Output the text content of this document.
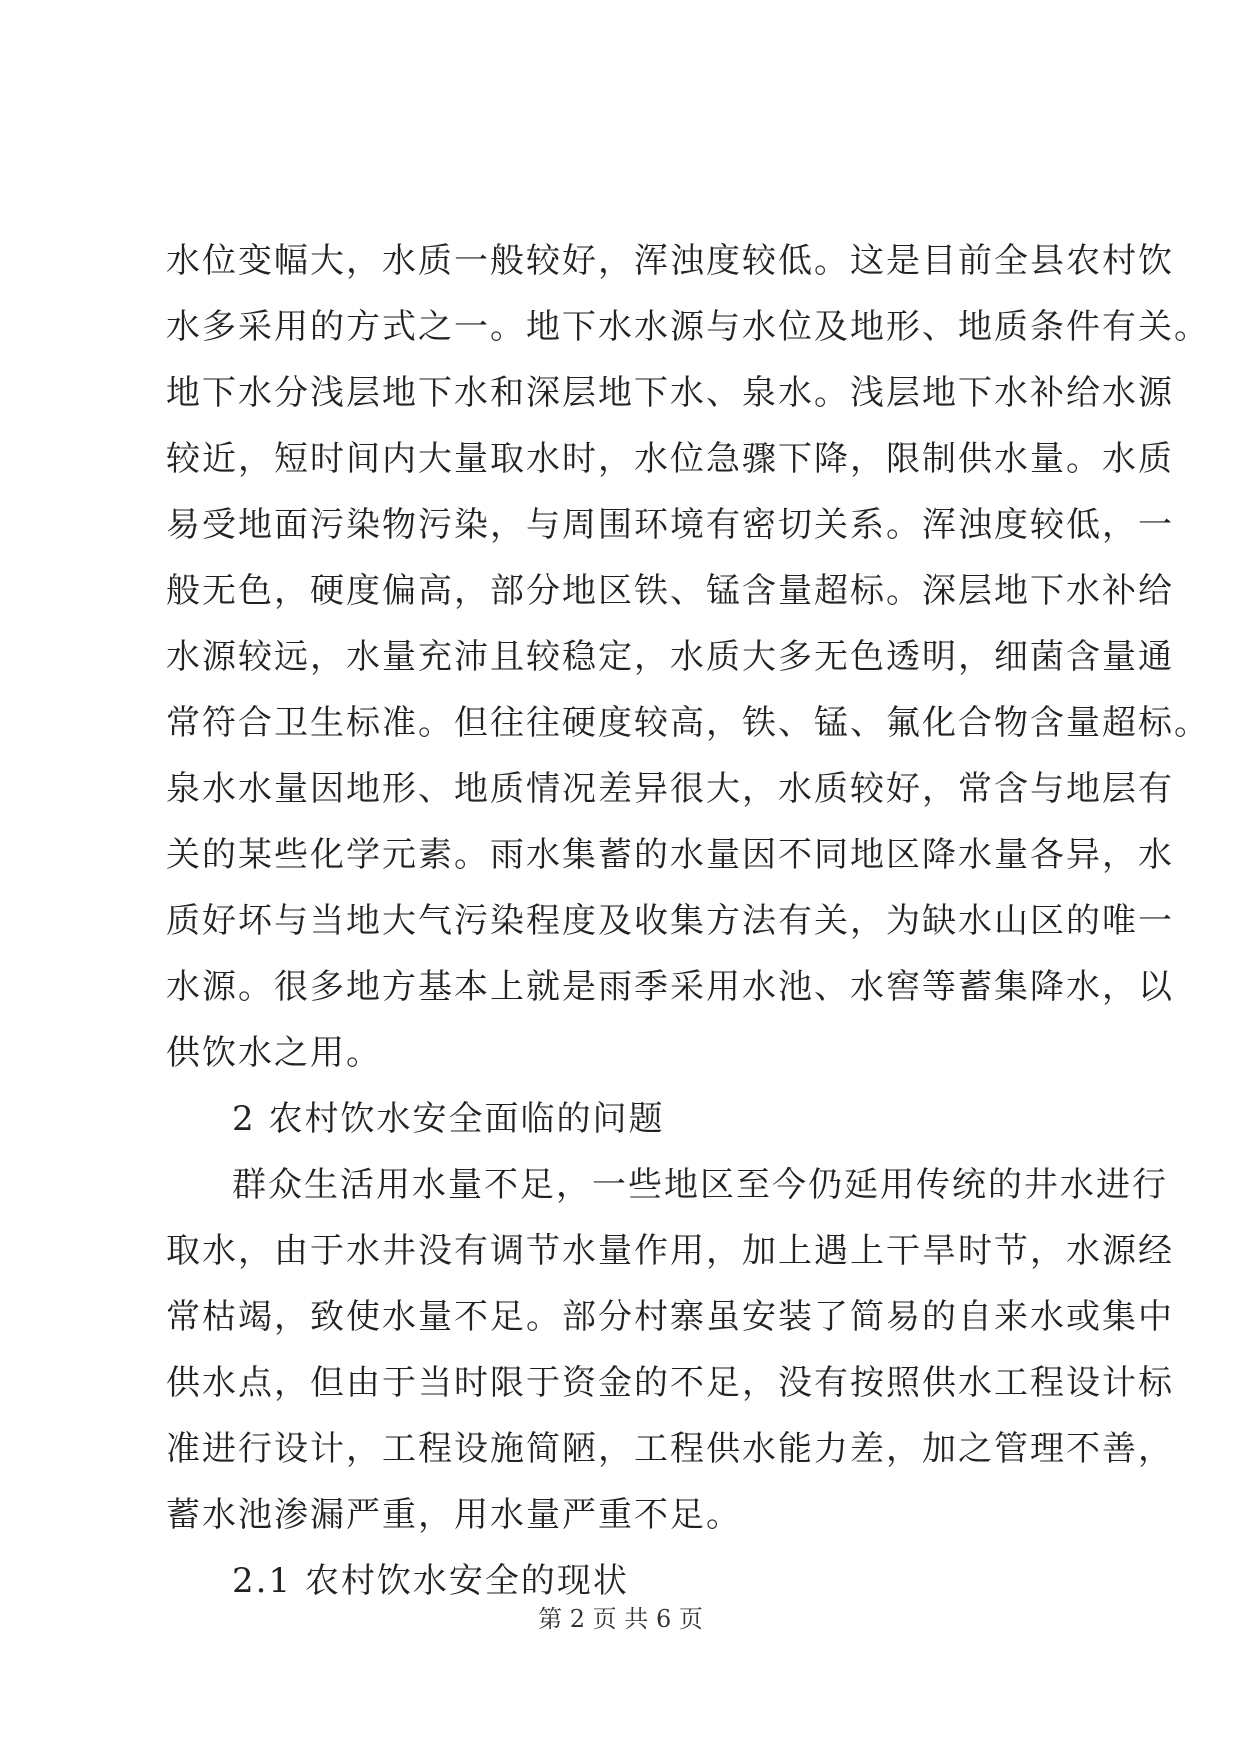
水位变幅大，水质一般较好，浑浊度较低。这是目前全县农村饮
水多采用的方式之一。地下水水源与水位及地形、地质条件有关。
地下水分浅层地下水和深层地下水、泉水。浅层地下水补给水源
较近，短时间内大量取水时，水位急骤下降，限制供水量。水质
易受地面污染物污染，与周围环境有密切关系。浑浊度较低，一
般无色，硬度偏高，部分地区铁、锰含量超标。深层地下水补给
水源较远，水量充沛且较稳定，水质大多无色透明，细菌含量通
常符合卫生标准。但往往硬度较高，铁、锰、氟化合物含量超标。
泉水水量因地形、地质情况差异很大，水质较好，常含与地层有
关的某些化学元素。雨水集蓄的水量因不同地区降水量各异，水
质好坏与当地大气污染程度及收集方法有关，为缺水山区的唯一
水源。很多地方基本上就是雨季采用水池、水窖等蓄集降水，以
供饮水之用。
2 农村饮水安全面临的问题
群众生活用水量不足，一些地区至今仍延用传统的井水进行
取水，由于水井没有调节水量作用，加上遇上干旱时节，水源经
常枯竭，致使水量不足。部分村寨虽安装了简易的自来水或集中
供水点，但由于当时限于资金的不足，没有按照供水工程设计标
准进行设计，工程设施简陋，工程供水能力差，加之管理不善，
蓄水池渗漏严重，用水量严重不足。
2.1 农村饮水安全的现状
第 2 页 共 6 页
